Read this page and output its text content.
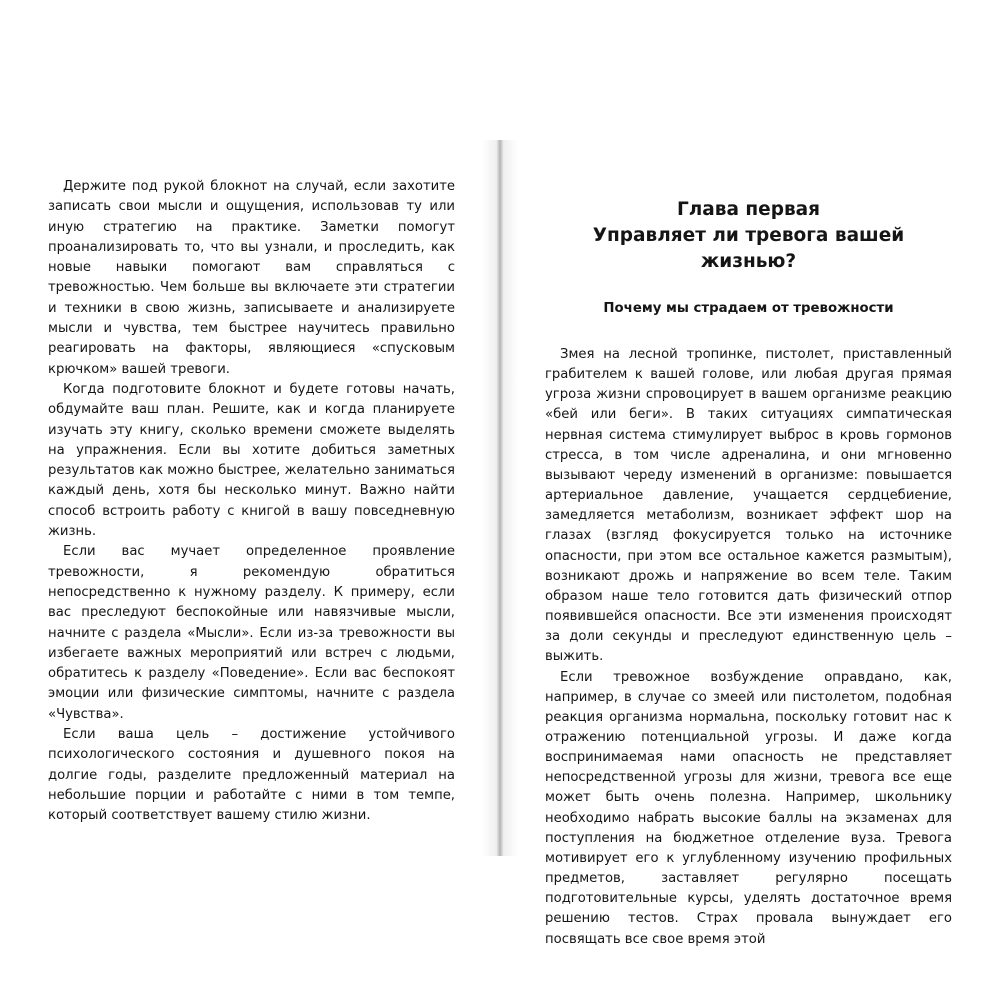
Держите под рукой блокнот на случай, если захотите записать свои мысли и ощущения, использовав ту или иную стратегию на практике. Заметки помогут проанализировать то, что вы узнали, и проследить, как новые навыки помогают вам справляться с тревожностью. Чем больше вы включаете эти стратегии и техники в свою жизнь, записываете и анализируете мысли и чувства, тем быстрее научитесь правильно реагировать на факторы, являющиеся «спусковым крючком» вашей тревоги.

Когда подготовите блокнот и будете готовы начать, обдумайте ваш план. Решите, как и когда планируете изучать эту книгу, сколько времени сможете выделять на упражнения. Если вы хотите добиться заметных результатов как можно быстрее, желательно заниматься каждый день, хотя бы несколько минут. Важно найти способ встроить работу с книгой в вашу повседневную жизнь.

Если вас мучает определенное проявление тревожности, я рекомендую обратиться непосредственно к нужному разделу. К примеру, если вас преследуют беспокойные или навязчивые мысли, начните с раздела «Мысли». Если из-за тревожности вы избегаете важных мероприятий или встреч с людьми, обратитесь к разделу «Поведение». Если вас беспокоят эмоции или физические симптомы, начните с раздела «Чувства».

Если ваша цель – достижение устойчивого психологического состояния и душевного покоя на долгие годы, разделите предложенный материал на небольшие порции и работайте с ними в том темпе, который соответствует вашему стилю жизни.

Глава первая
Управляет ли тревога вашей жизнью?
Почему мы страдаем от тревожности

Змея на лесной тропинке, пистолет, приставленный грабителем к вашей голове, или любая другая прямая угроза жизни спровоцирует в вашем организме реакцию «бей или беги». В таких ситуациях симпатическая нервная система стимулирует выброс в кровь гормонов стресса, в том числе адреналина, и они мгновенно вызывают череду изменений в организме: повышается артериальное давление, учащается сердцебиение, замедляется метаболизм, возникает эффект шор на глазах (взгляд фокусируется только на источнике опасности, при этом все остальное кажется размытым), возникают дрожь и напряжение во всем теле. Таким образом наше тело готовится дать физический отпор появившейся опасности. Все эти изменения происходят за доли секунды и преследуют единственную цель – выжить.

Если тревожное возбуждение оправдано, как, например, в случае со змеей или пистолетом, подобная реакция организма нормальна, поскольку готовит нас к отражению потенциальной угрозы. И даже когда воспринимаемая нами опасность не представляет непосредственной угрозы для жизни, тревога все еще может быть очень полезна. Например, школьнику необходимо набрать высокие баллы на экзаменах для поступления на бюджетное отделение вуза. Тревога мотивирует его к углубленному изучению профильных предметов, заставляет регулярно посещать подготовительные курсы, уделять достаточное время решению тестов. Страх провала вынуждает его посвящать все свое время этой
